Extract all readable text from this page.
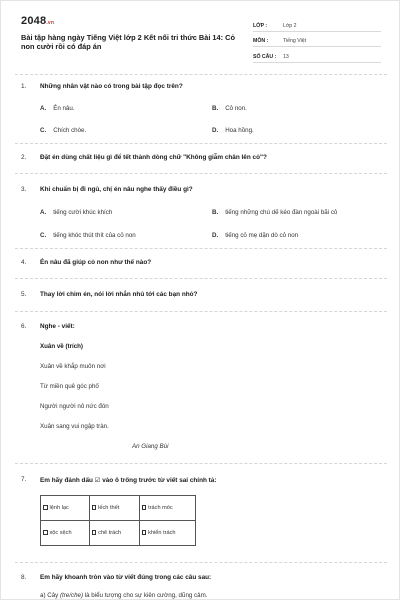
2048.vn
Bài tập hàng ngày Tiếng Việt lớp 2 Kết nối tri thức Bài 14: Cỏ non cười rồi có đáp án
LỚP :	Lớp 2
MÔN :	Tiếng Việt
SỐ CÂU :	13
1. Những nhân vật nào có trong bài tập đọc trên?
A. Én nâu.	B. Cỏ non.
C. Chích chòe.	D. Hoa hồng.
2. Đặt én dùng chất liệu gì để tết thành dòng chữ "Không giẫm chân lên cỏ"?
3. Khi chuẩn bị đi ngủ, chị én nâu nghe thấy điều gì?
A. tiếng cười khúc khích	B. tiếng những chú dế kéo đàn ngoài bãi cỏ
C. tiếng khóc thút thít của cỏ non	D. tiếng cỏ mẹ dặn dò cỏ non
4. Én nâu đã giúp cỏ non như thế nào?
5. Thay lời chim én, nói lời nhắn nhủ tới các bạn nhỏ?
6. Nghe - viết:
Xuân về (trích)
Xuân về khắp muôn nơi
Từ miền quê góc phố
Người người nô nức đón
Xuân sang vui ngập tràn.
An Giang Bùi
7. Em hãy đánh dấu ☑ vào ô trống trước từ viết sai chính tả:
lệnh lạc	lếch thết	trách móc
xộc xệch	chê trách	khiển trách
8. Em hãy khoanh tròn vào từ viết đúng trong các câu sau:
a) Cây (tre/che) là biểu tượng cho sự kiên cường, dũng cảm.
